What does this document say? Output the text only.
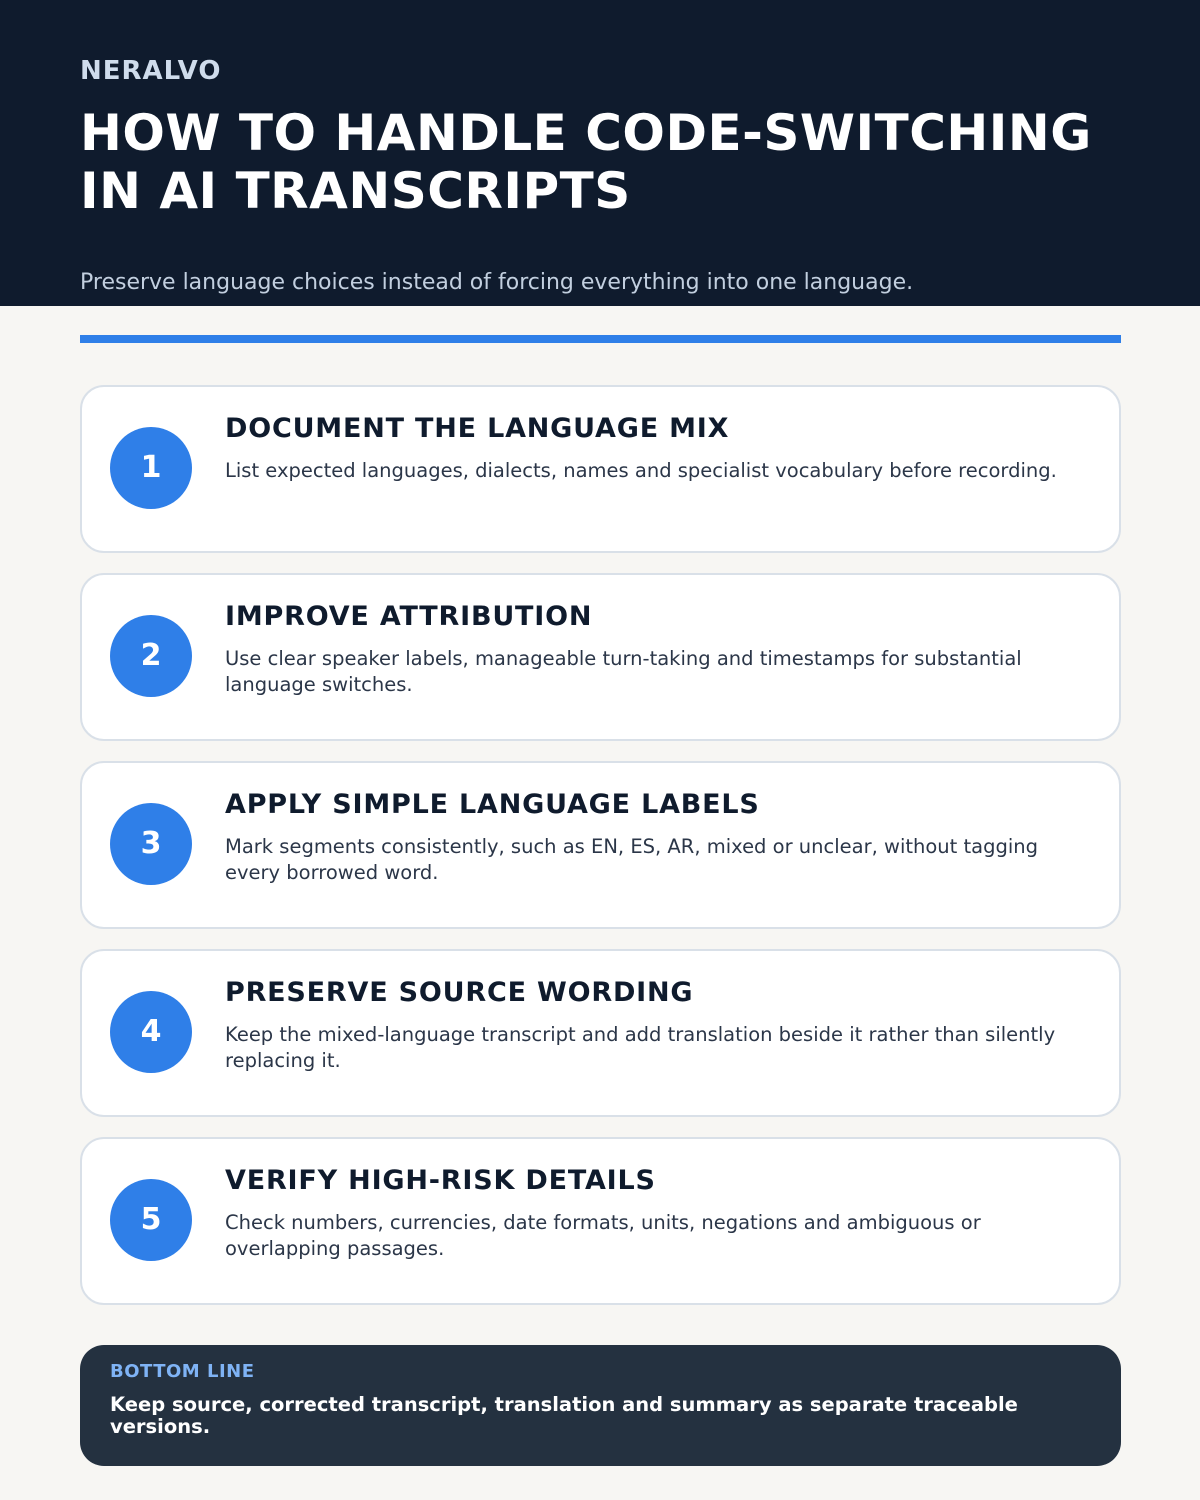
NERALVO
HOW TO HANDLE CODE-SWITCHING IN AI TRANSCRIPTS
Preserve language choices instead of forcing everything into one language.
1
DOCUMENT THE LANGUAGE MIX
List expected languages, dialects, names and specialist vocabulary before recording.
2
IMPROVE ATTRIBUTION
Use clear speaker labels, manageable turn-taking and timestamps for substantial language switches.
3
APPLY SIMPLE LANGUAGE LABELS
Mark segments consistently, such as EN, ES, AR, mixed or unclear, without tagging every borrowed word.
4
PRESERVE SOURCE WORDING
Keep the mixed-language transcript and add translation beside it rather than silently replacing it.
5
VERIFY HIGH-RISK DETAILS
Check numbers, currencies, date formats, units, negations and ambiguous or overlapping passages.
BOTTOM LINE
Keep source, corrected transcript, translation and summary as separate traceable versions.
